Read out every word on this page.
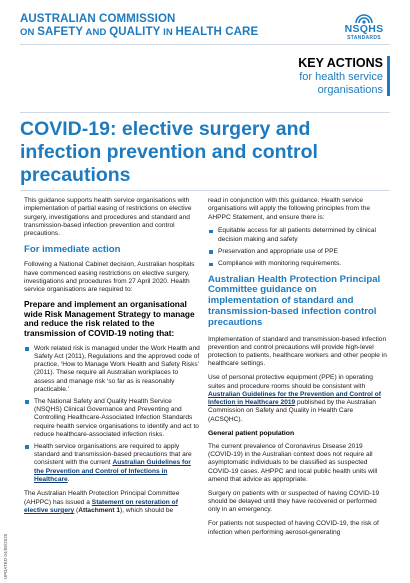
AUSTRALIAN COMMISSION
ON SAFETY AND QUALITY IN HEALTH CARE	NSQHS
STANDARDS
KEY ACTIONS
for health service
organisations
COVID-19: elective surgery and infection prevention and control precautions

This guidance supports health service organisations with implementation of partial easing of restrictions on elective surgery, investigations and procedures and standard and transmission-based infection prevention and control precautions.

For immediate action

Following a National Cabinet decision, Australian hospitals have commenced easing restrictions on elective surgery, investigations and procedures from 27 April 2020. Health service organisations are required to:

Prepare and implement an organisational wide Risk Management Strategy to manage and reduce the risk related to the transmission of COVID-19 noting that:
Work related risk is managed under the Work Health and Safety Act (2011), Regulations and the approved code of practice, ‘How to Manage Work Health and Safety Risks’ (2011). These require all Australian workplaces to assess and manage risk ‘so far as is reasonably practicable.’
The National Safety and Quality Health Service (NSQHS) Clinical Governance and Preventing and Controlling Healthcare-Associated Infection Standards require health service organisations to identify and act to reduce healthcare-associated infection risks.
Health service organisations are required to apply standard and transmission-based precautions that are consistent with the current Australian Guidelines for the Prevention and Control of Infections in Healthcare.

The Australian Health Protection Principal Committee (AHPPC) has issued a Statement on restoration of elective surgery (Attachment 1), which should be

read in conjunction with this guidance. Health service organisations will apply the following principles from the AHPPC Statement, and ensure there is:

Equitable access for all patients determined by clinical decision making and safety
Preservation and appropriate use of PPE
Compliance with monitoring requirements.
Australian Health Protection Principal Committee guidance on implementation of standard and transmission-based infection control precautions

Implementation of standard and transmission-based infection prevention and control precautions will provide high-level protection to patients, healthcare workers and other people in healthcare settings.

Use of personal protective equipment (PPE) in operating suites and procedure rooms should be consistent with Australian Guidelines for the Prevention and Control of Infection in Healthcare 2019 published by the Australian Commission on Safety and Quality in Health Care (ACSQHC).

General patient population

The current prevalence of Coronavirus Disease 2019 (COVID-19) in the Australian context does not require all asymptomatic individuals to be classified as suspected COVID-19 cases. AHPPC and local public health units will amend that advice as appropriate.

Surgery on patients with or suspected of having COVID-19 should be delayed until they have recovered or performed only in an emergency.

For patients not suspected of having COVID-19, the risk of infection when performing aerosol-generating

UPDATED 04/08/2020
